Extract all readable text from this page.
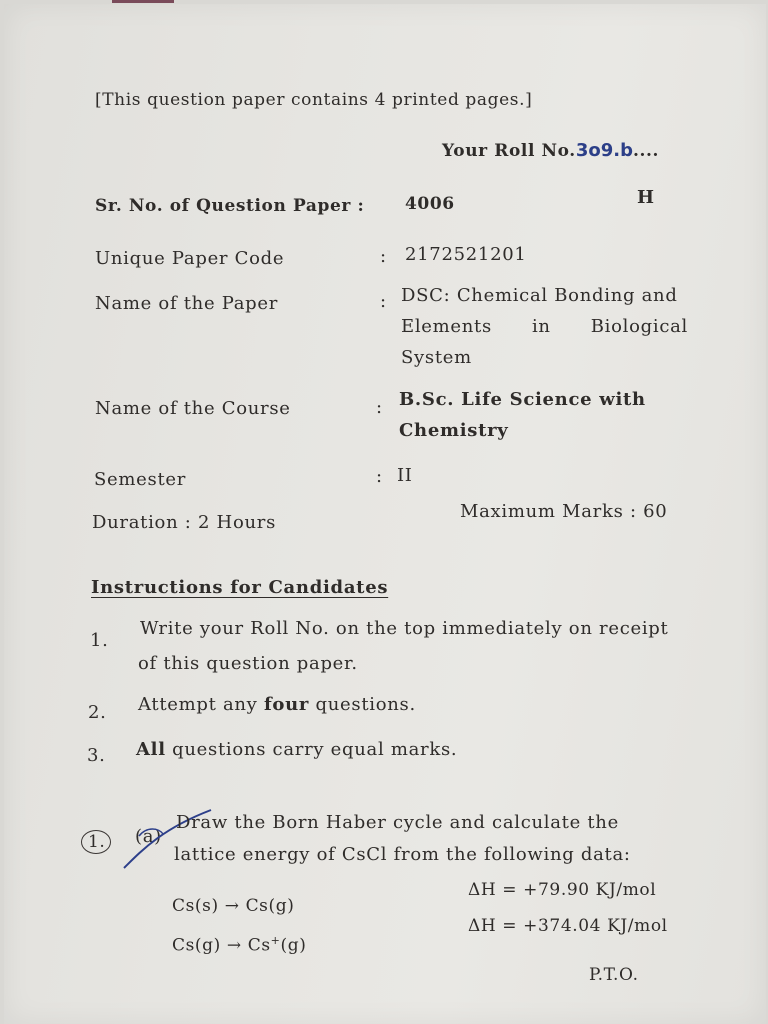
[This question paper contains 4 printed pages.]
Your Roll No.3o9.b....
Sr. No. of Question Paper : 4006	H
Unique Paper Code	: 2172521201
Name of the Paper	: DSC: Chemical Bonding and
Elements in Biological
System
Name of the Course	: B.Sc. Life Science with
Chemistry
Semester	: II
Duration : 2 Hours
Maximum Marks : 60
Instructions for Candidates
1.
Write your Roll No. on the top immediately on receipt
of this question paper.
2. Attempt any four questions.
3. All questions carry equal marks.
1. (a)
Draw the Born Haber cycle and calculate the
lattice energy of CsCl from the following data:
Cs(s) → Cs(g)
ΔH = +79.90 KJ/mol
Cs(g) → Cs+(g)
ΔH = +374.04 KJ/mol
P.T.O.
